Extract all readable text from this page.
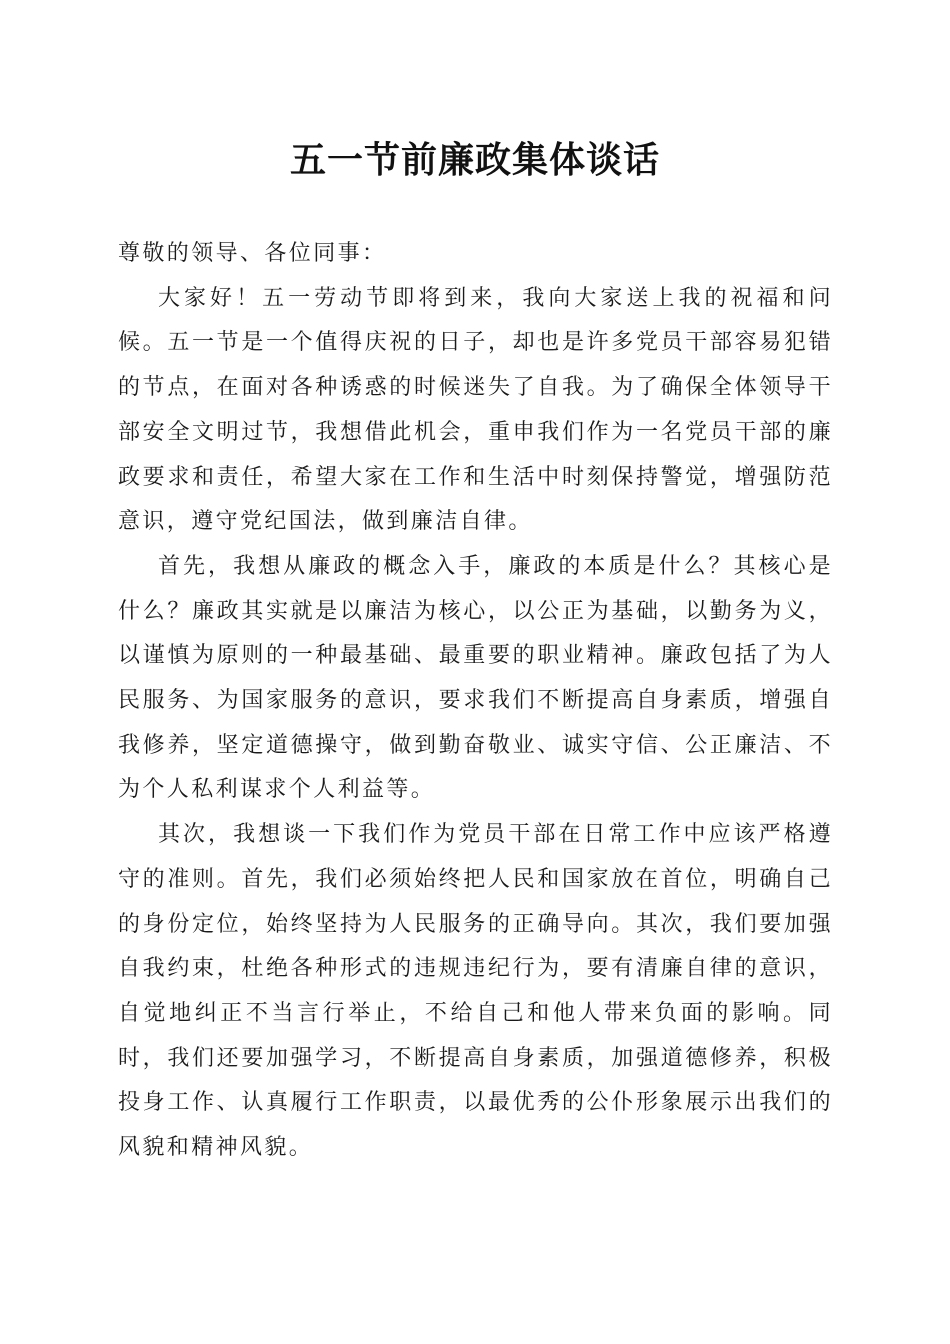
五一节前廉政集体谈话

尊敬的领导、各位同事：

大家好！五一劳动节即将到来，我向大家送上我的祝福和问候。五一节是一个值得庆祝的日子，却也是许多党员干部容易犯错的节点，在面对各种诱惑的时候迷失了自我。为了确保全体领导干部安全文明过节，我想借此机会，重申我们作为一名党员干部的廉政要求和责任，希望大家在工作和生活中时刻保持警觉，增强防范意识，遵守党纪国法，做到廉洁自律。

首先，我想从廉政的概念入手，廉政的本质是什么？其核心是什么？廉政其实就是以廉洁为核心，以公正为基础，以勤务为义，以谨慎为原则的一种最基础、最重要的职业精神。廉政包括了为人民服务、为国家服务的意识，要求我们不断提高自身素质，增强自我修养，坚定道德操守，做到勤奋敬业、诚实守信、公正廉洁、不为个人私利谋求个人利益等。

其次，我想谈一下我们作为党员干部在日常工作中应该严格遵守的准则。首先，我们必须始终把人民和国家放在首位，明确自己的身份定位，始终坚持为人民服务的正确导向。其次，我们要加强自我约束，杜绝各种形式的违规违纪行为，要有清廉自律的意识，自觉地纠正不当言行举止，不给自己和他人带来负面的影响。同时，我们还要加强学习，不断提高自身素质，加强道德修养，积极投身工作、认真履行工作职责，以最优秀的公仆形象展示出我们的风貌和精神风貌。
